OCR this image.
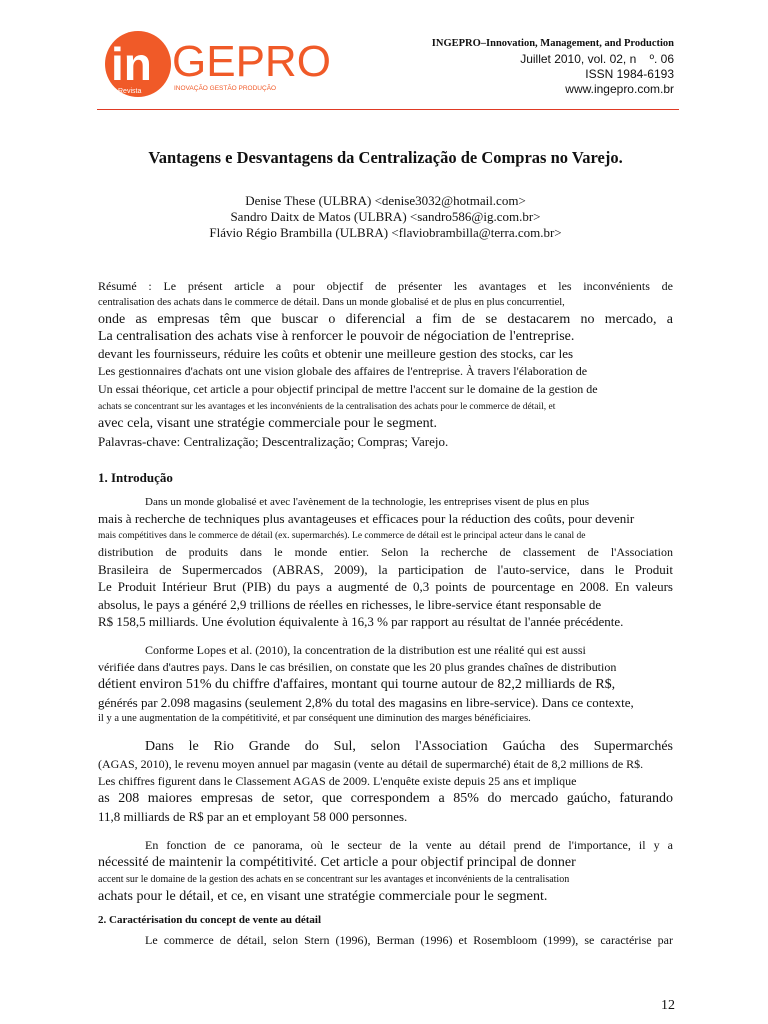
in GEPRO
Revista	INOVAÇÃO GESTÃO PRODUÇÃO
INGEPRO–Innovation, Management, and Production
Juillet 2010, vol. 02, n    º. 06
ISSN 1984-6193
www.ingepro.com.br
Vantagens e Desvantagens da Centralização de Compras no Varejo.
Denise These (ULBRA) <denise3032@hotmail.com>
Sandro Daitx de Matos (ULBRA) <sandro586@ig.com.br>
Flávio Régio Brambilla (ULBRA) <flaviobrambilla@terra.com.br>
Résumé : Le présent article a pour objectif de présenter les avantages et les inconvénients de
centralisation des achats dans le commerce de détail. Dans un monde globalisé et de plus en plus concurrentiel,
onde as empresas têm que buscar o diferencial a fim de se destacarem no mercado, a
La centralisation des achats vise à renforcer le pouvoir de négociation de l'entreprise.
devant les fournisseurs, réduire les coûts et obtenir une meilleure gestion des stocks, car les
Les gestionnaires d'achats ont une vision globale des affaires de l'entreprise. À travers l'élaboration de
Un essai théorique, cet article a pour objectif principal de mettre l'accent sur le domaine de la gestion de
achats se concentrant sur les avantages et les inconvénients de la centralisation des achats pour le commerce de détail, et
avec cela, visant une stratégie commerciale pour le segment.
Palavras-chave: Centralização; Descentralização; Compras; Varejo.
1. Introdução
Dans un monde globalisé et avec l'avènement de la technologie, les entreprises visent de plus en plus
mais à recherche de techniques plus avantageuses et efficaces pour la réduction des coûts, pour devenir
mais compétitives dans le commerce de détail (ex. supermarchés). Le commerce de détail est le principal acteur dans le canal de
distribution de produits dans le monde entier. Selon la recherche de classement de l'Association
Brasileira de Supermercados (ABRAS, 2009), la participation de l'auto-service, dans le Produit
Le Produit Intérieur Brut (PIB) du pays a augmenté de 0,3 points de pourcentage en 2008. En valeurs
absolus, le pays a généré 2,9 trillions de réelles en richesses, le libre-service étant responsable de
R$ 158,5 milliards. Une évolution équivalente à 16,3 % par rapport au résultat de l'année précédente.
Conforme Lopes et al. (2010), la concentration de la distribution est une réalité qui est aussi
vérifiée dans d'autres pays. Dans le cas brésilien, on constate que les 20 plus grandes chaînes de distribution
détient environ 51% du chiffre d'affaires, montant qui tourne autour de 82,2 milliards de R$,
générés par 2.098 magasins (seulement 2,8% du total des magasins en libre-service). Dans ce contexte,
il y a une augmentation de la compétitivité, et par conséquent une diminution des marges bénéficiaires.
Dans le Rio Grande do Sul, selon l'Association Gaúcha des Supermarchés
(AGAS, 2010), le revenu moyen annuel par magasin (vente au détail de supermarché) était de 8,2 millions de R$.
Les chiffres figurent dans le Classement AGAS de 2009. L'enquête existe depuis 25 ans et implique
as 208 maiores empresas de setor, que correspondem a 85% do mercado gaúcho, faturando
11,8 milliards de R$ par an et employant 58 000 personnes.
En fonction de ce panorama, où le secteur de la vente au détail prend de l'importance, il y a
nécessité de maintenir la compétitivité. Cet article a pour objectif principal de donner
accent sur le domaine de la gestion des achats en se concentrant sur les avantages et inconvénients de la centralisation
achats pour le détail, et ce, en visant une stratégie commerciale pour le segment.
2. Caractérisation du concept de vente au détail
Le commerce de détail, selon Stern (1996), Berman (1996) et Rosembloom (1999), se caractérise par
12
